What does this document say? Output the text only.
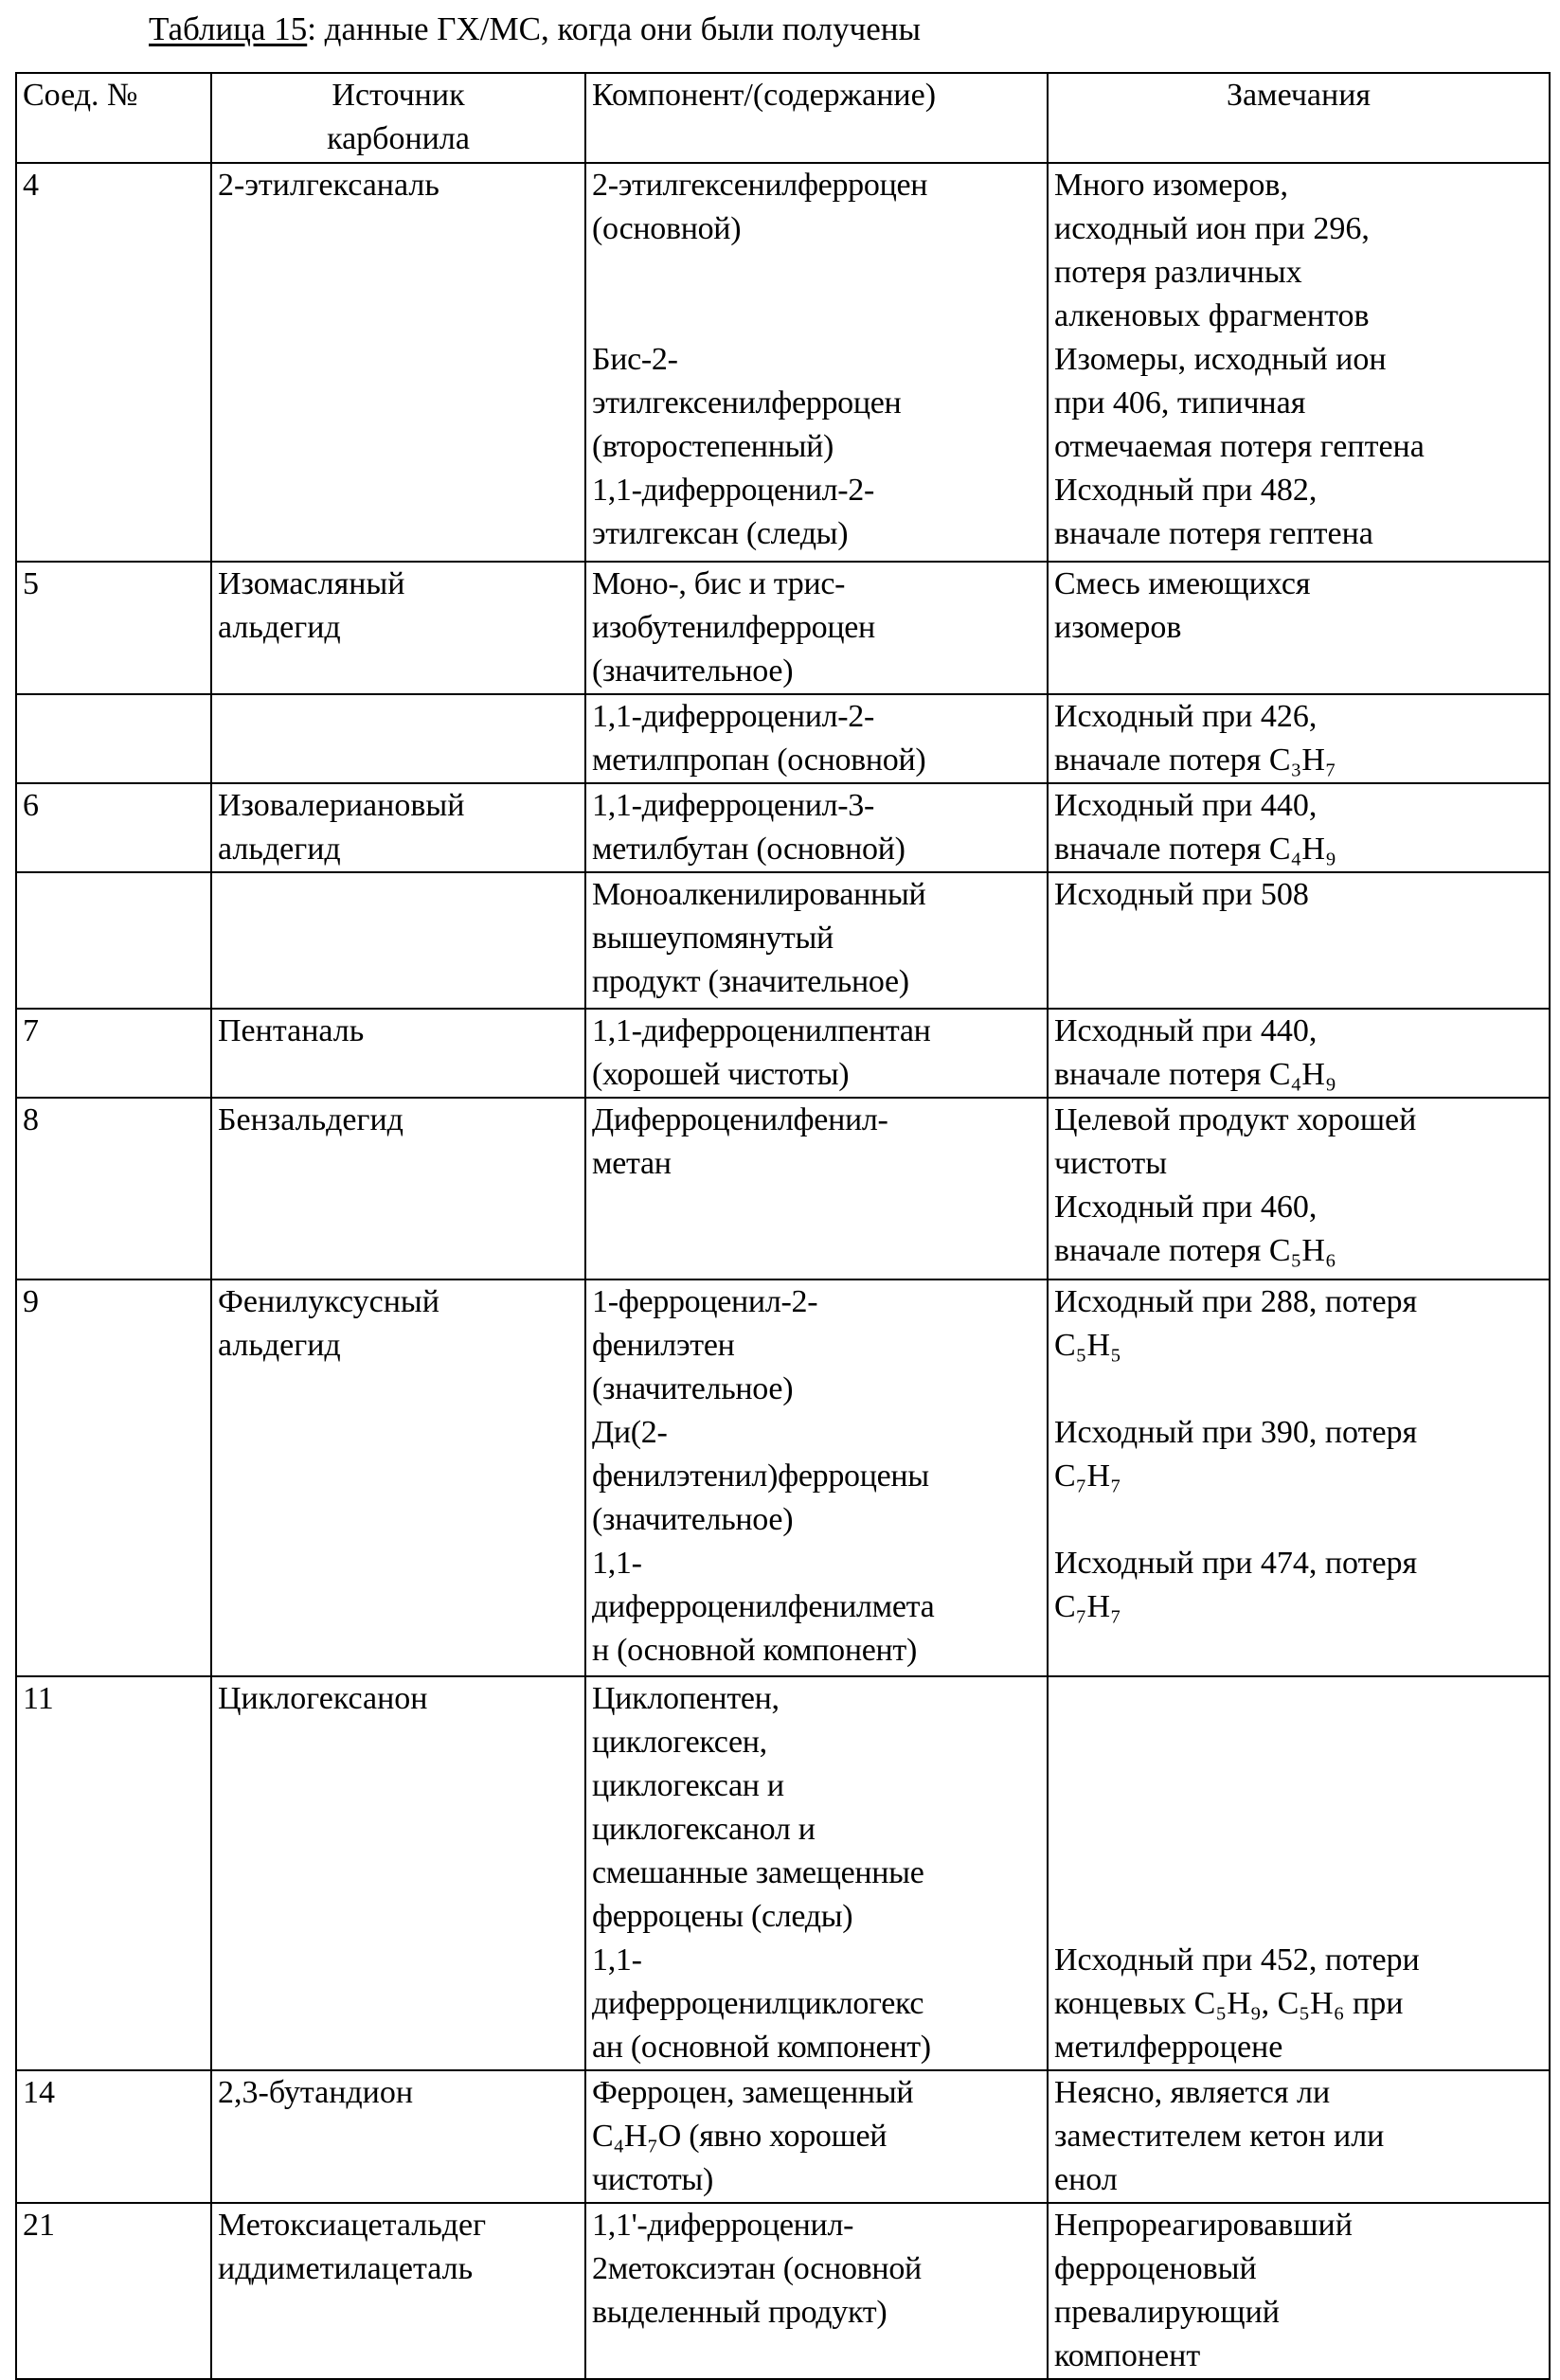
Таблица 15: данные ГХ/МС, когда они были получены
Соед. №	Источник
карбонила	Компонент/(содержание)	Замечания
4	2-этилгексаналь	2-этилгексенилферроцен
(основной)

Бис-2-
этилгексенилферроцен
(второстепенный)
1,1-диферроценил-2-
этилгексан (следы)	Много изомеров,
исходный ион при 296,
потеря различных
алкеновых фрагментов
Изомеры, исходный ион
при 406, типичная
отмечаемая потеря гептена
Исходный при 482,
вначале потеря гептена
5	Изомасляный
альдегид	Моно-, бис и трис-
изобутенилферроцен
(значительное)	Смесь имеющихся
изомеров
		1,1-диферроценил-2-
метилпропан (основной)	Исходный при 426,
вначале потеря C₃H₇
6	Изовалериановый
альдегид	1,1-диферроценил-3-
метилбутан (основной)	Исходный при 440,
вначале потеря C₄H₉
		Моноалкенилированный
вышеупомянутый
продукт (значительное)	Исходный при 508
7	Пентаналь	1,1-диферроценилпентан
(хорошей чистоты)	Исходный при 440,
вначале потеря C₄H₉
8	Бензальдегид	Диферроценилфенил-
метан	Целевой продукт хорошей
чистоты
Исходный при 460,
вначале потеря C₅H₆
9	Фенилуксусный
альдегид	1-ферроценил-2-
фенилэтен
(значительное)
Ди(2-
фенилэтенил)ферроцены
(значительное)
1,1-
диферроценилфенилмета
н (основной компонент)	Исходный при 288, потеря
C₅H₅

Исходный при 390, потеря
C₇H₇

Исходный при 474, потеря
C₇H₇
11	Циклогексанон	Циклопентен,
циклогексен,
циклогексан и
циклогексанол и
смешанные замещенные
ферроцены (следы)
1,1-
диферроценилциклогекс
ан (основной компонент)	

Исходный при 452, потери
концевых C₅H₉, C₅H₆ при
метилферроцене
14	2,3-бутандион	Ферроцен, замещенный
C₄H₇O (явно хорошей
чистоты)	Неясно, является ли
заместителем кетон или
енол
21	Метоксиацетальдег
иддиметилацеталь	1,1'-диферроценил-
2метоксиэтан (основной
выделенный продукт)	Непрореагировавший
ферроценовый
превалирующий
компонент
